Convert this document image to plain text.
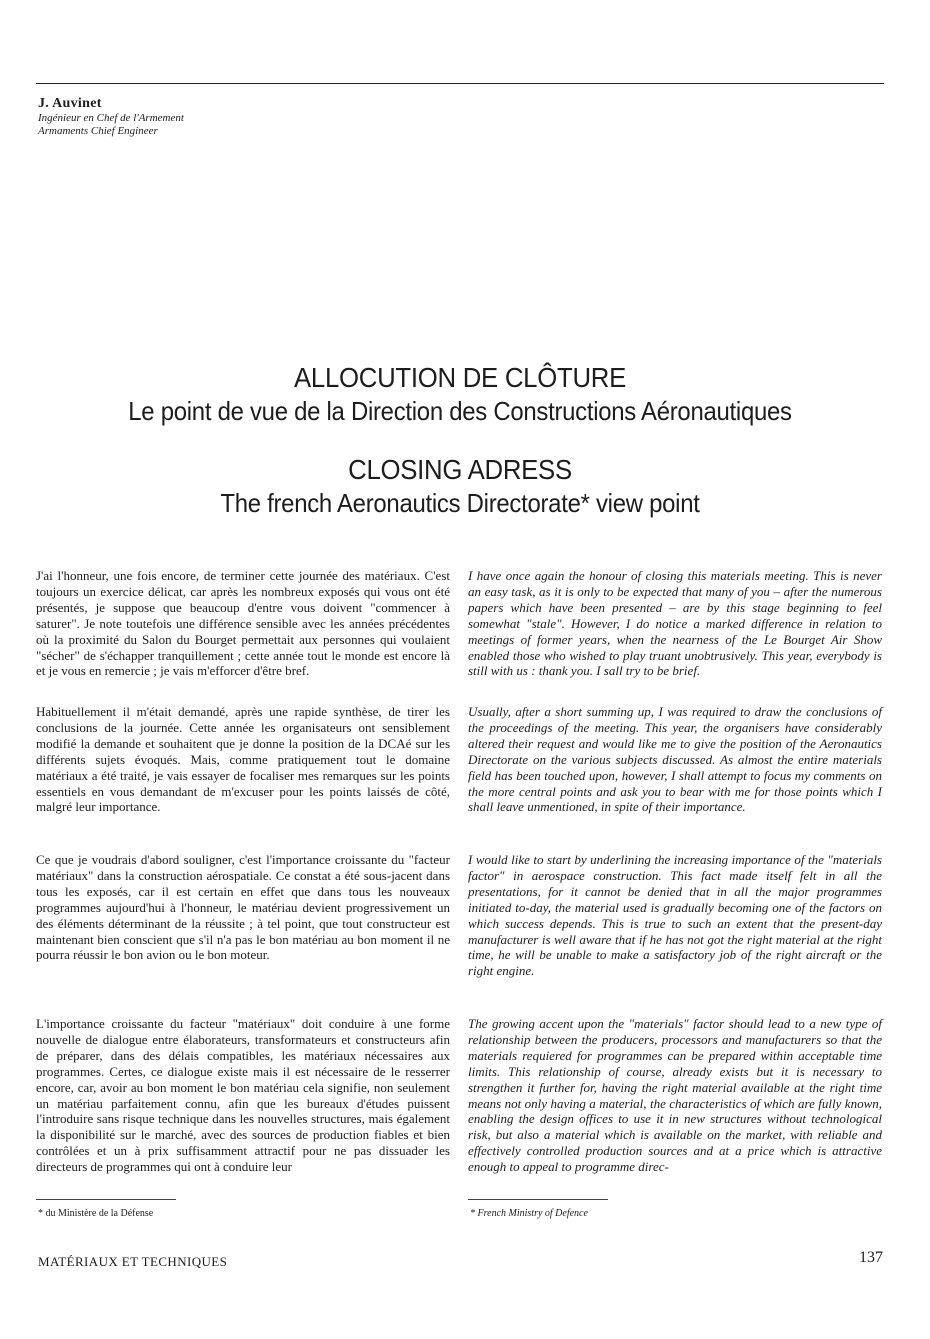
J. Auvinet
Ingénieur en Chef de l'Armement
Armaments Chief Engineer
ALLOCUTION DE CLÔTURE
Le point de vue de la Direction des Constructions Aéronautiques
CLOSING ADRESS
The french Aeronautics Directorate* view point
J'ai l'honneur, une fois encore, de terminer cette journée des matériaux. C'est toujours un exercice délicat, car après les nombreux exposés qui vous ont été présentés, je suppose que beaucoup d'entre vous doivent "commencer à saturer". Je note toutefois une différence sensible avec les années précédentes où la proximité du Salon du Bourget permettait aux personnes qui voulaient "sécher" de s'échapper tranquillement ; cette année tout le monde est encore là et je vous en remercie ; je vais m'efforcer d'être bref.
I have once again the honour of closing this materials meeting. This is never an easy task, as it is only to be expected that many of you – after the numerous papers which have been presented – are by this stage beginning to feel somewhat "stale". However, I do notice a marked difference in relation to meetings of former years, when the nearness of the Le Bourget Air Show enabled those who wished to play truant unobtrusively. This year, everybody is still with us : thank you. I sall try to be brief.
Habituellement il m'était demandé, après une rapide synthèse, de tirer les conclusions de la journée. Cette année les organisateurs ont sensiblement modifié la demande et souhaitent que je donne la position de la DCAé sur les différents sujets évoqués. Mais, comme pratiquement tout le domaine matériaux a été traité, je vais essayer de focaliser mes remarques sur les points essentiels en vous demandant de m'excuser pour les points laissés de côté, malgré leur importance.
Usually, after a short summing up, I was required to draw the conclusions of the proceedings of the meeting. This year, the organisers have considerably altered their request and would like me to give the position of the Aeronautics Directorate on the various subjects discussed. As almost the entire materials field has been touched upon, however, I shall attempt to focus my comments on the more central points and ask you to bear with me for those points which I shall leave unmentioned, in spite of their importance.
Ce que je voudrais d'abord souligner, c'est l'importance croissante du "facteur matériaux" dans la construction aérospatiale. Ce constat a été sous-jacent dans tous les exposés, car il est certain en effet que dans tous les nouveaux programmes aujourd'hui à l'honneur, le matériau devient progressivement un des éléments déterminant de la réussite ; à tel point, que tout constructeur est maintenant bien conscient que s'il n'a pas le bon matériau au bon moment il ne pourra réussir le bon avion ou le bon moteur.
I would like to start by underlining the increasing importance of the "materials factor" in aerospace construction. This fact made itself felt in all the presentations, for it cannot be denied that in all the major programmes initiated to-day, the material used is gradually becoming one of the factors on which success depends. This is true to such an extent that the present-day manufacturer is well aware that if he has not got the right material at the right time, he will be unable to make a satisfactory job of the right aircraft or the right engine.
L'importance croissante du facteur "matériaux" doit conduire à une forme nouvelle de dialogue entre élaborateurs, transformateurs et constructeurs afin de préparer, dans des délais compatibles, les matériaux nécessaires aux programmes. Certes, ce dialogue existe mais il est nécessaire de le resserrer encore, car, avoir au bon moment le bon matériau cela signifie, non seulement un matériau parfaitement connu, afin que les bureaux d'études puissent l'introduire sans risque technique dans les nouvelles structures, mais également la disponibilité sur le marché, avec des sources de production fiables et bien contrôlées et un à prix suffisamment attractif pour ne pas dissuader les directeurs de programmes qui ont à conduire leur
The growing accent upon the "materials" factor should lead to a new type of relationship between the producers, processors and manufacturers so that the materials requiered for programmes can be prepared within acceptable time limits. This relationship of course, already exists but it is necessary to strengthen it further for, having the right material available at the right time means not only having a material, the characteristics of which are fully known, enabling the design offices to use it in new structures without technological risk, but also a material which is available on the market, with reliable and effectively controlled production sources and at a price which is attractive enough to appeal to programme direc-
* du Ministère de la Défense	* French Ministry of Defence
MATÉRIAUX ET TECHNIQUES	137
